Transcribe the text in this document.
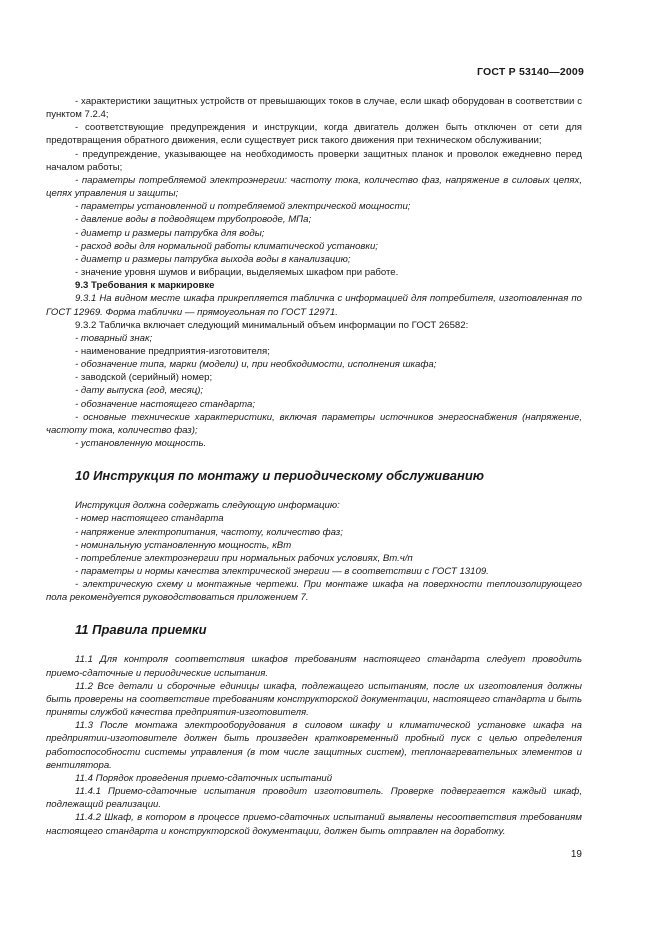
ГОСТ Р 53140—2009

- характеристики защитных устройств от превышающих токов в случае, если шкаф оборудован в соответствии с пунктом 7.2.4;

- соответствующие предупреждения и инструкции, когда двигатель должен быть отключен от сети для предотвращения обратного движения, если существует риск такого движения при техническом обслуживании;

- предупреждение, указывающее на необходимость проверки защитных планок и проволок ежедневно перед началом работы;

- параметры потребляемой электроэнергии: частоту тока, количество фаз, напряжение в силовых цепях, цепях управления и защиты;

- параметры установленной и потребляемой электрической мощности;

- давление воды в подводящем трубопроводе, МПа;

- диаметр и размеры патрубка для воды;

- расход воды для нормальной работы климатической установки;

- диаметр и размеры патрубка выхода воды в канализацию;

- значение уровня шумов и вибрации, выделяемых шкафом при работе.

9.3 Требования к маркировке

9.3.1 На видном месте шкафа прикрепляется табличка с информацией для потребителя, изготовленная по ГОСТ 12969. Форма таблички — прямоугольная по ГОСТ 12971.

9.3.2 Табличка включает следующий минимальный объем информации по ГОСТ 26582:

- товарный знак;

- наименование предприятия-изготовителя;

- обозначение типа, марки (модели) и, при необходимости, исполнения шкафа;

- заводской (серийный) номер;

- дату выпуска (год, месяц);

- обозначение настоящего стандарта;

- основные технические характеристики, включая параметры источников энергоснабжения (напряжение, частоту тока, количество фаз);

- установленную мощность.

10 Инструкция по монтажу и периодическому обслуживанию

Инструкция должна содержать следующую информацию:

- номер настоящего стандарта

- напряжение электропитания, частоту, количество фаз;

- номинальную установленную мощность, кВт

- потребление электроэнергии при нормальных рабочих условиях, Вт.ч/п

- параметры и нормы качества электрической энергии — в соответствии с ГОСТ 13109.

- электрическую схему и монтажные чертежи. При монтаже шкафа на поверхности теплоизолирующего пола рекомендуется руководствоваться приложением 7.

11 Правила приемки

11.1 Для контроля соответствия шкафов требованиям настоящего стандарта следует проводить приемо-сдаточные и периодические испытания.

11.2 Все детали и сборочные единицы шкафа, подлежащего испытаниям, после их изготовления должны быть проверены на соответствие требованиям конструкторской документации, настоящего стандарта и быть приняты службой качества предприятия-изготовителя.

11.3 После монтажа электрооборудования в силовом шкафу и климатической установке шкафа на предприятии-изготовителе должен быть произведен кратковременный пробный пуск с целью определения работоспособности системы управления (в том числе защитных систем), теплонагревательных элементов и вентилятора.

11.4 Порядок проведения приемо-сдаточных испытаний

11.4.1 Приемо-сдаточные испытания проводит изготовитель. Проверке подвергается каждый шкаф, подлежащий реализации.

11.4.2 Шкаф, в котором в процессе приемо-сдаточных испытаний выявлены несоответствия требованиям настоящего стандарта и конструкторской документации, должен быть отправлен на доработку.

19
